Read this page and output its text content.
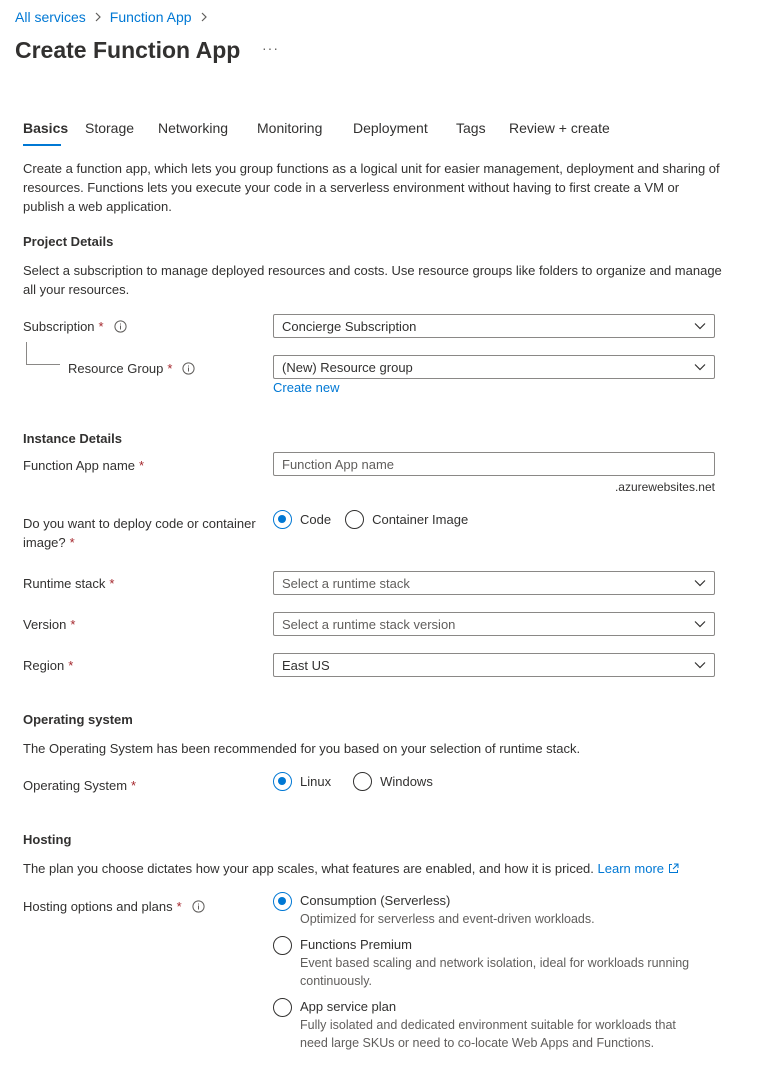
All services Function App
Create Function App ···
Basics Storage Networking Monitoring Deployment Tags Review + create

Create a function app, which lets you group functions as a logical unit for easier management, deployment and sharing of resources. Functions lets you execute your code in a serverless environment without having to first create a VM or publish a web application.

Project Details

Select a subscription to manage deployed resources and costs. Use resource groups like folders to organize and manage all your resources.

Subscription *	Concierge Subscription
Resource Group *	(New) Resource group
Create new
Instance Details
Function App name *
Function App name
.azurewebsites.net
Do you want to deploy code or container image? *
Code	Container Image
Runtime stack *	Select a runtime stack
Version *	Select a runtime stack version
Region *	East US
Operating system

The Operating System has been recommended for you based on your selection of runtime stack.

Operating System *	Linux	Windows
Hosting

The plan you choose dictates how your app scales, what features are enabled, and how it is priced. Learn more

Hosting options and plans *	Consumption (Serverless)
Optimized for serverless and event-driven workloads.
Functions Premium
Event based scaling and network isolation, ideal for workloads running continuously.
App service plan
Fully isolated and dedicated environment suitable for workloads that need large SKUs or need to co-locate Web Apps and Functions.
